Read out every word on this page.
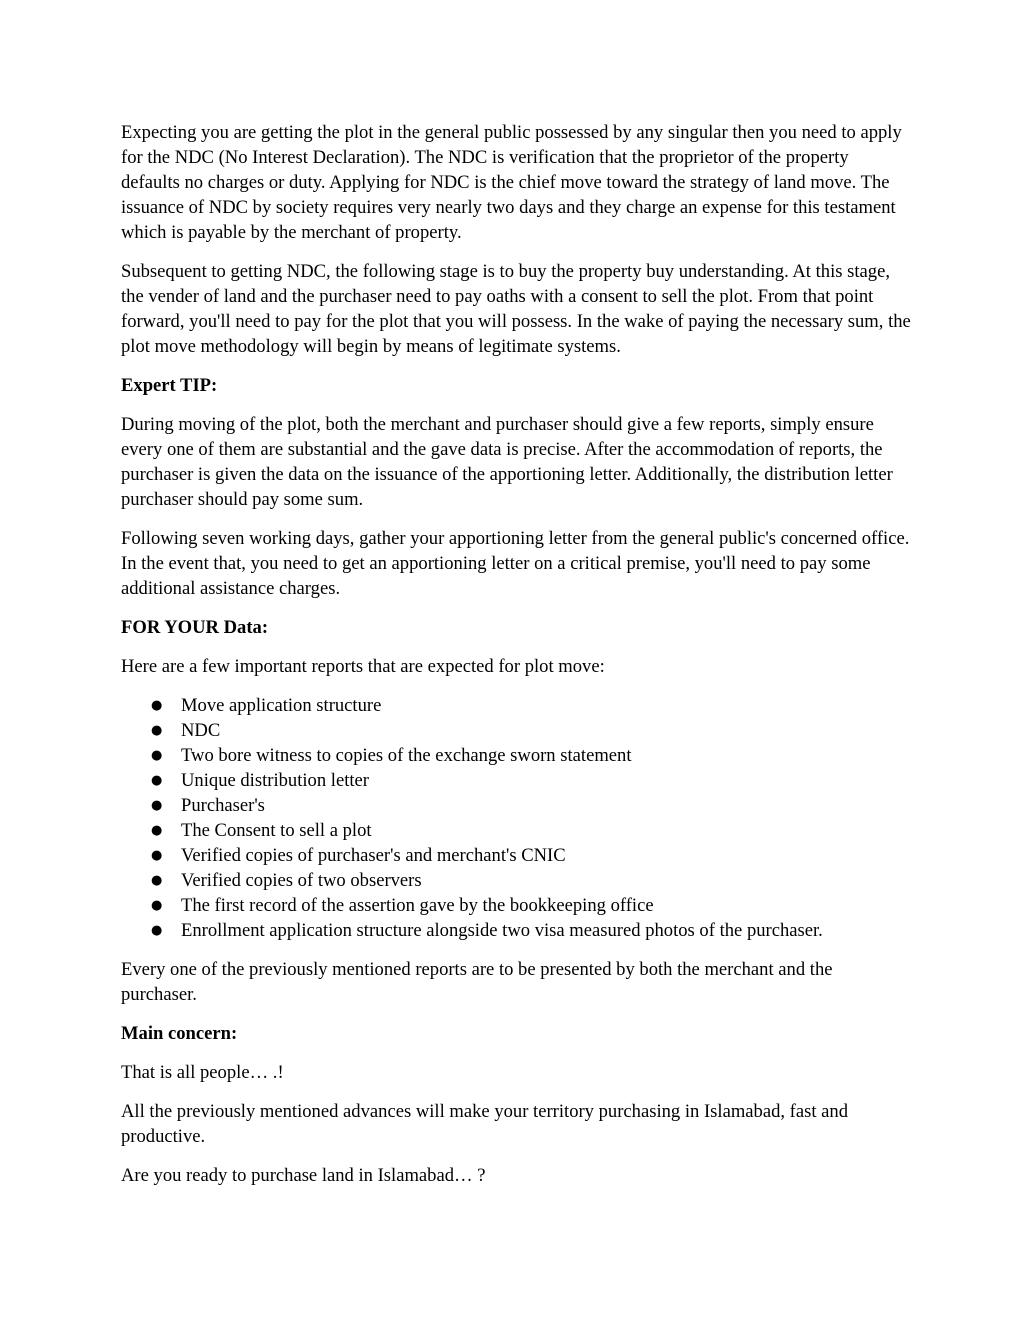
Expecting you are getting the plot in the general public possessed by any singular then you need to apply for the NDC (No Interest Declaration). The NDC is verification that the proprietor of the property defaults no charges or duty. Applying for NDC is the chief move toward the strategy of land move. The issuance of NDC by society requires very nearly two days and they charge an expense for this testament which is payable by the merchant of property.

Subsequent to getting NDC, the following stage is to buy the property buy understanding. At this stage, the vender of land and the purchaser need to pay oaths with a consent to sell the plot. From that point forward, you'll need to pay for the plot that you will possess. In the wake of paying the necessary sum, the plot move methodology will begin by means of legitimate systems.

Expert TIP:

During moving of the plot, both the merchant and purchaser should give a few reports, simply ensure every one of them are substantial and the gave data is precise. After the accommodation of reports, the purchaser is given the data on the issuance of the apportioning letter. Additionally, the distribution letter purchaser should pay some sum.

Following seven working days, gather your apportioning letter from the general public's concerned office. In the event that, you need to get an apportioning letter on a critical premise, you'll need to pay some additional assistance charges.

FOR YOUR Data:

Here are a few important reports that are expected for plot move:

● Move application structure
● NDC
● Two bore witness to copies of the exchange sworn statement
● Unique distribution letter
● Purchaser's
● The Consent to sell a plot
● Verified copies of purchaser's and merchant's CNIC
● Verified copies of two observers
● The first record of the assertion gave by the bookkeeping office
● Enrollment application structure alongside two visa measured photos of the purchaser.

Every one of the previously mentioned reports are to be presented by both the merchant and the purchaser.

Main concern:

That is all people… .!

All the previously mentioned advances will make your territory purchasing in Islamabad, fast and productive.

Are you ready to purchase land in Islamabad… ?
